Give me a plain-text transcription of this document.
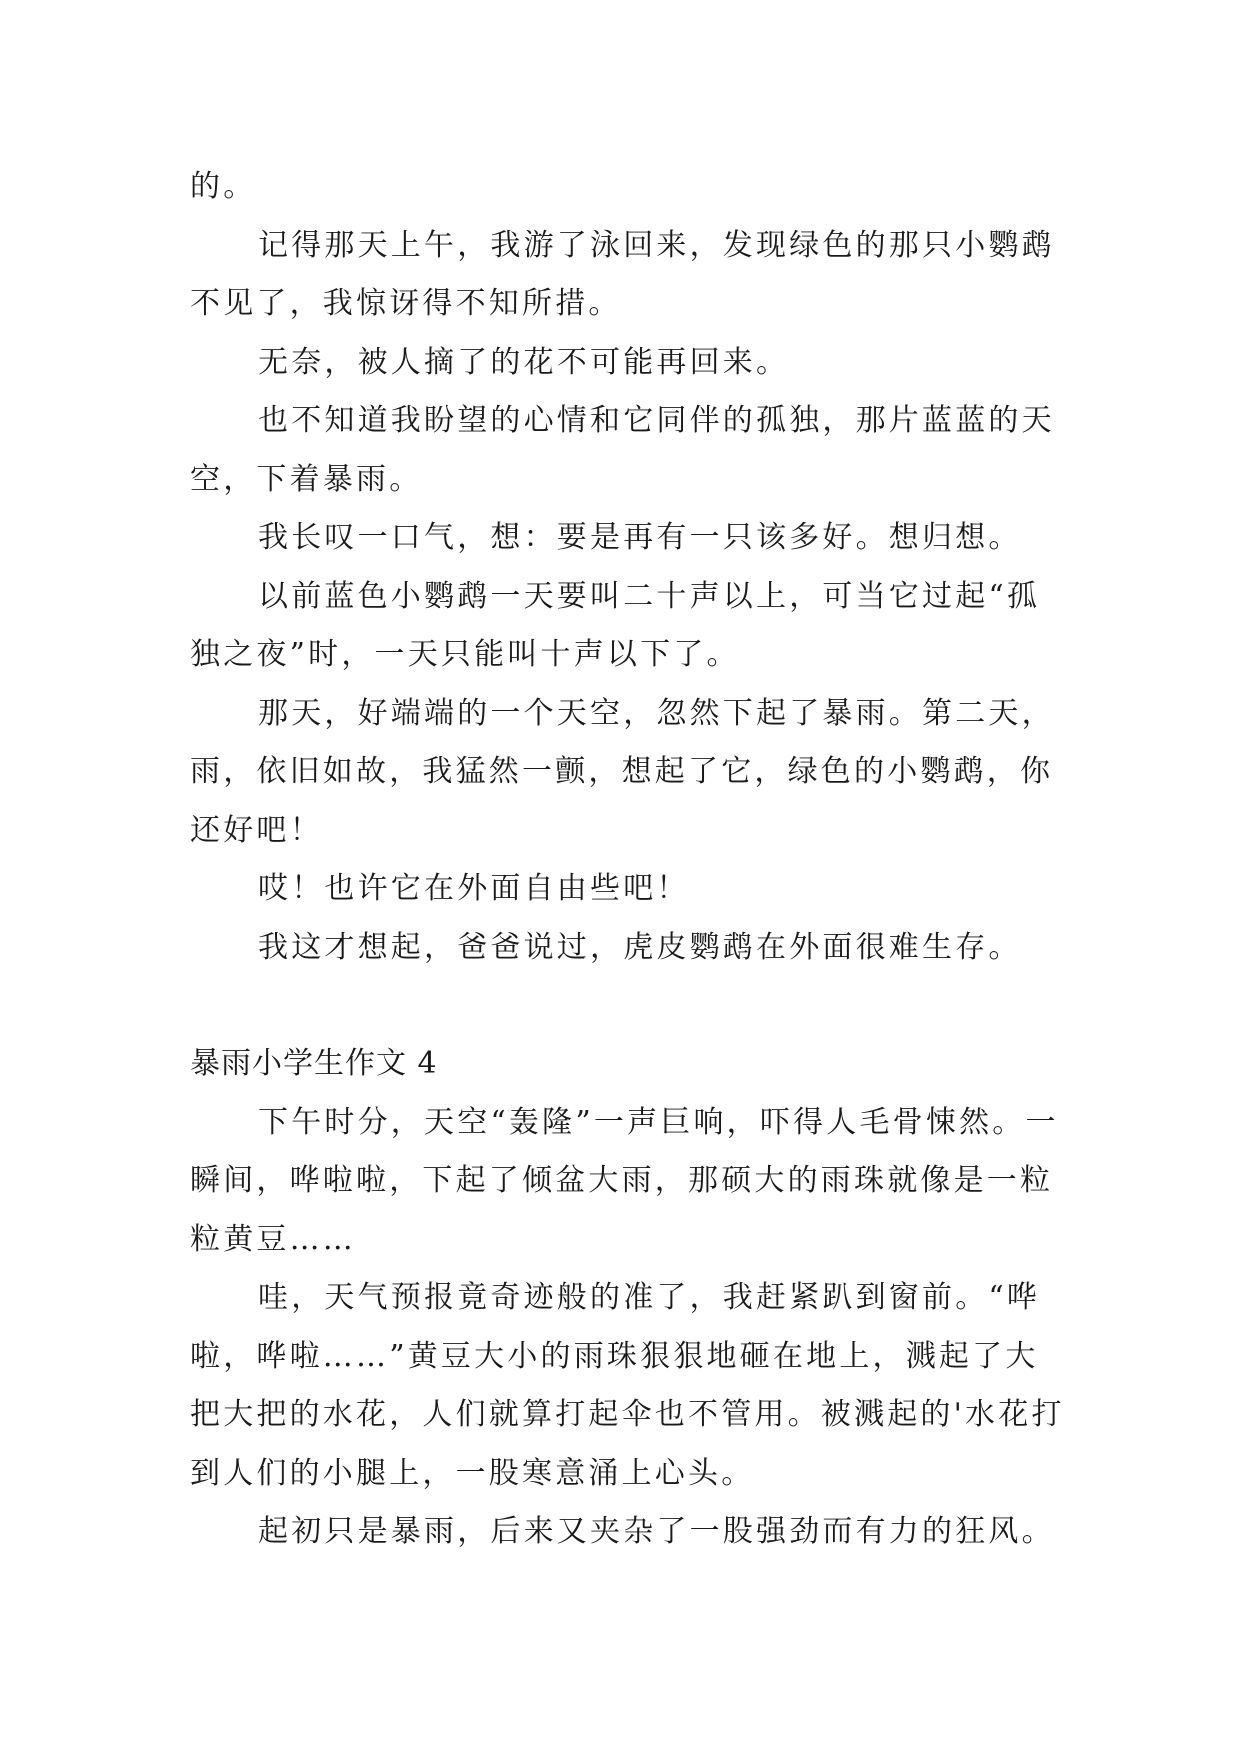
的。

记得那天上午，我游了泳回来，发现绿色的那只小鹦鹉不见了，我惊讶得不知所措。

无奈，被人摘了的花不可能再回来。

也不知道我盼望的心情和它同伴的孤独，那片蓝蓝的天空，下着暴雨。

我长叹一口气，想：要是再有一只该多好。想归想。

以前蓝色小鹦鹉一天要叫二十声以上，可当它过起“孤独之夜”时，一天只能叫十声以下了。

那天，好端端的一个天空，忽然下起了暴雨。第二天，雨，依旧如故，我猛然一颤，想起了它，绿色的小鹦鹉，你还好吧！

哎！也许它在外面自由些吧！

我这才想起，爸爸说过，虎皮鹦鹉在外面很难生存。

暴雨小学生作文 4

下午时分，天空“轰隆”一声巨响，吓得人毛骨悚然。一瞬间，哗啦啦，下起了倾盆大雨，那硕大的雨珠就像是一粒粒黄豆……

哇，天气预报竟奇迹般的准了，我赶紧趴到窗前。“哗啦，哗啦……”黄豆大小的雨珠狠狠地砸在地上，溅起了大把大把的水花，人们就算打起伞也不管用。被溅起的'水花打到人们的小腿上，一股寒意涌上心头。

起初只是暴雨，后来又夹杂了一股强劲而有力的狂风。
